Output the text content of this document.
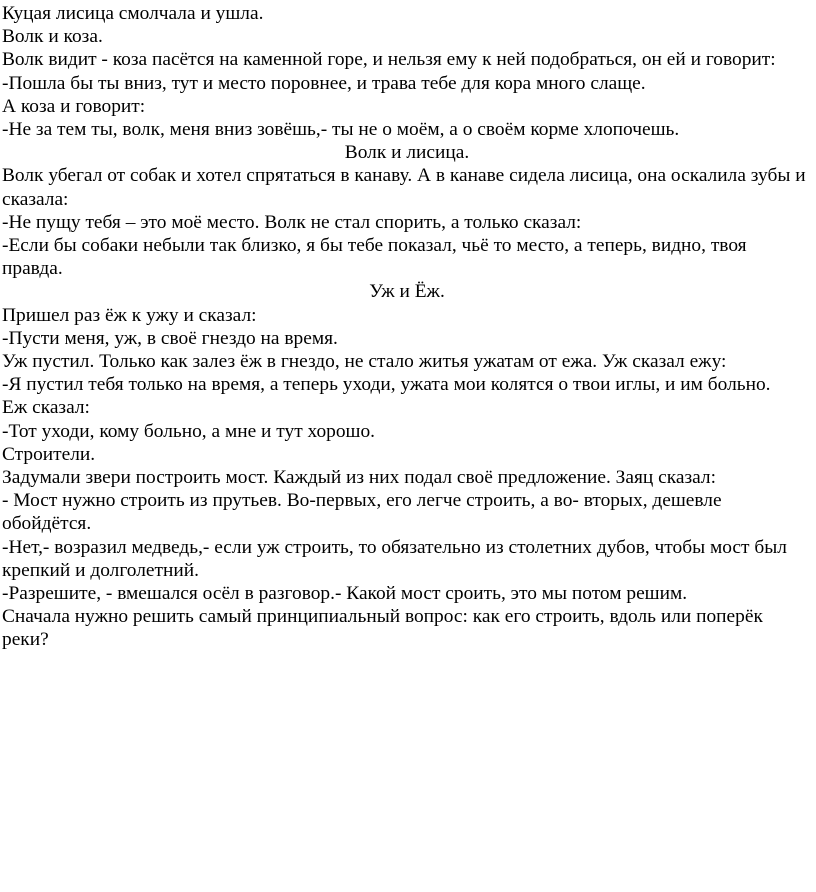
Куцая лисица смолчала и ушла.

Волк и коза.

Волк видит - коза пасётся на каменной горе, и нельзя ему к ней подобраться, он ей и говорит:

-Пошла бы ты вниз, тут и место поровнее, и трава тебе для кора много слаще.

А коза и говорит:

-Не за тем ты, волк, меня вниз зовёшь,- ты не о моём, а о своём корме хлопочешь.

Волк и лисица.

Волк убегал от собак и хотел спрятаться в канаву. А в канаве сидела лисица, она оскалила зубы и сказала:

-Не пущу тебя – это моё место. Волк не стал спорить, а только сказал:

-Если бы собаки небыли так близко, я бы тебе показал, чьё то место, а теперь, видно, твоя правда.

Уж и Ёж.

Пришел раз ёж к ужу и сказал:

-Пусти меня, уж, в своё гнездо на время.

Уж пустил. Только как залез ёж в гнездо, не стало житья ужатам от ежа. Уж сказал ежу:

-Я пустил тебя только на время, а теперь уходи, ужата мои колятся о твои иглы, и им больно.

Еж сказал:

-Тот уходи, кому больно, а мне и тут хорошо.

Строители.

Задумали звери построить мост. Каждый из них подал своё предложение. Заяц сказал:

- Мост нужно строить из прутьев. Во-первых, его легче строить, а во- вторых, дешевле обойдётся.

-Нет,- возразил медведь,- если уж строить, то обязательно из столетних дубов, чтобы мост был крепкий и долголетний.

-Разрешите, - вмешался осёл в разговор.- Какой мост сроить, это мы потом решим.

Сначала нужно решить самый принципиальный вопрос: как его строить, вдоль или поперёк реки?
